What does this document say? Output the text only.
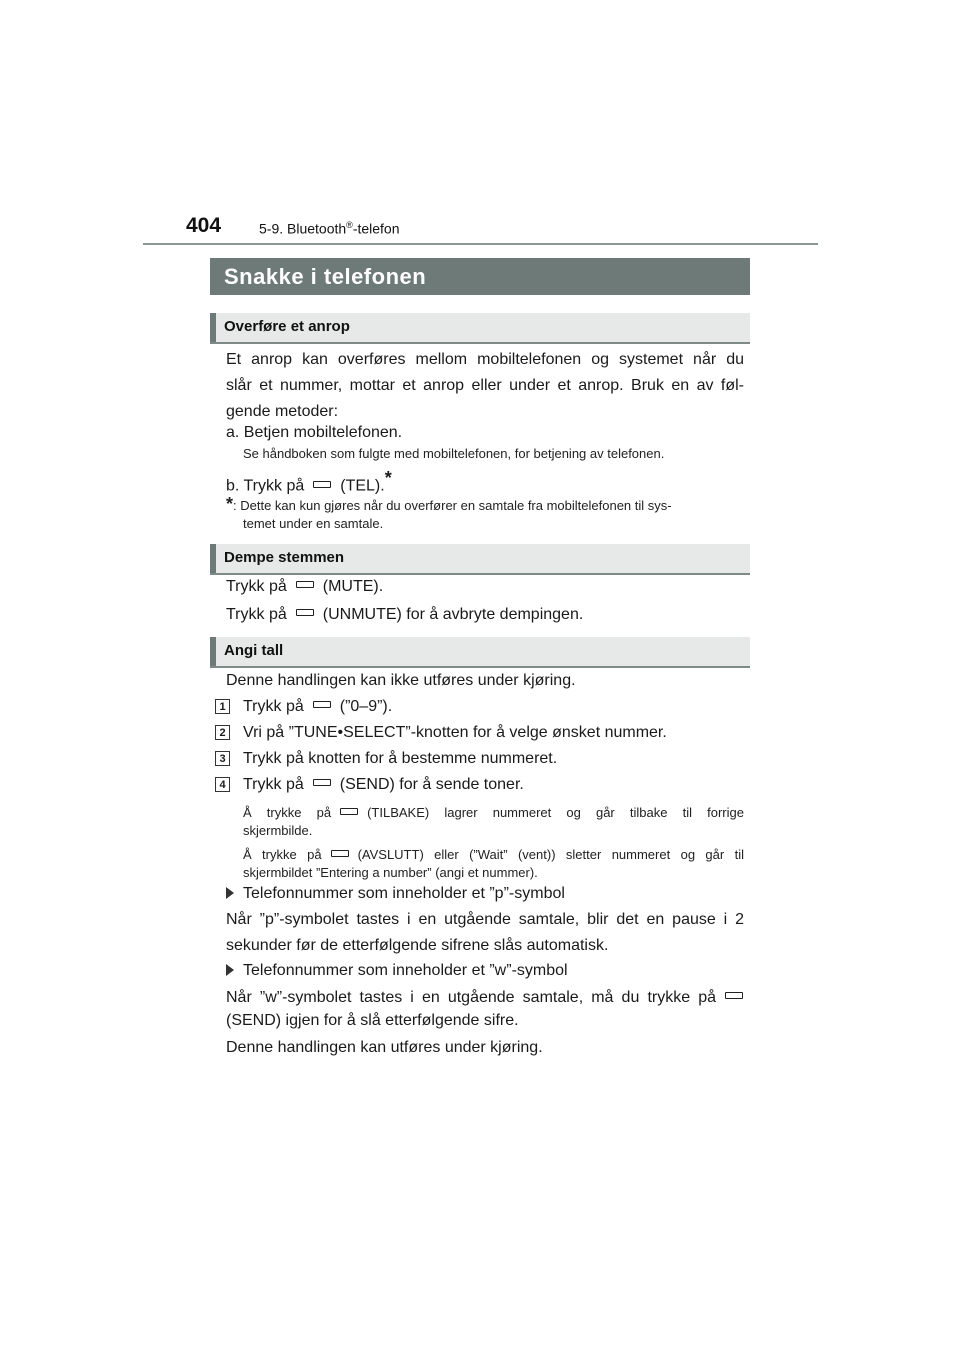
404	5-9. Bluetooth®-telefon
Snakke i telefonen
Overføre et anrop
Et anrop kan overføres mellom mobiltelefonen og systemet når du
slår et nummer, mottar et anrop eller under et anrop. Bruk en av føl-
gende metoder:
a. Betjen mobiltelefonen.
Se håndboken som fulgte med mobiltelefonen, for betjening av telefonen.
b. Trykk på (TEL).*
*: Dette kan kun gjøres når du overfører en samtale fra mobiltelefonen til sys-
temet under en samtale.
Dempe stemmen
Trykk på (MUTE).
Trykk på (UNMUTE) for å avbryte dempingen.
Angi tall
Denne handlingen kan ikke utføres under kjøring.
1 Trykk på (”0–9”).
2 Vri på ”TUNE•SELECT”-knotten for å velge ønsket nummer.
3 Trykk på knotten for å bestemme nummeret.
4 Trykk på (SEND) for å sende toner.
Å trykke på	(TILBAKE) lagrer nummeret og går tilbake til forrige
skjermbilde.
Å trykke på	(AVSLUTT) eller (”Wait” (vent)) sletter nummeret og går til
skjermbildet ”Entering a number” (angi et nummer).
Telefonnummer som inneholder et ”p”-symbol
Når ”p”-symbolet tastes i en utgående samtale, blir det en pause i 2
sekunder før de etterfølgende sifrene slås automatisk.
Telefonnummer som inneholder et ”w”-symbol
Når ”w”-symbolet tastes i en utgående samtale, må du trykke på
(SEND) igjen for å slå etterfølgende sifre.
Denne handlingen kan utføres under kjøring.
